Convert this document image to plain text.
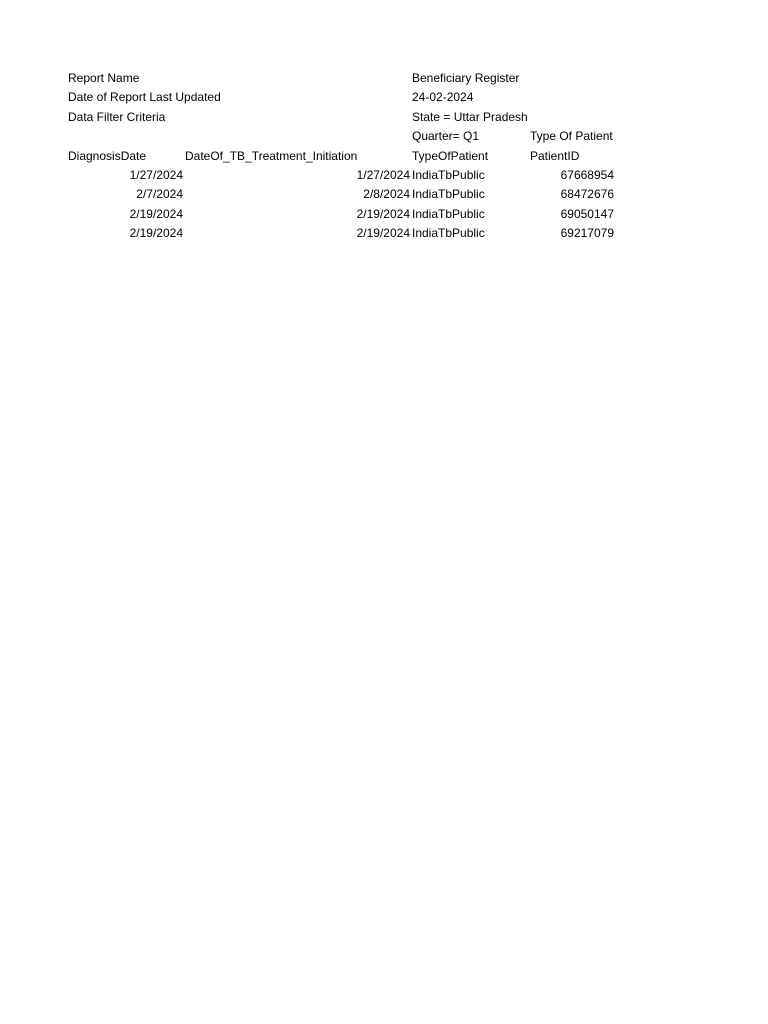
Report Name	Beneficiary Register
Date of Report Last Updated	24-02-2024
Data Filter Criteria	State = Uttar Pradesh
Quarter= Q1	Type Of Patient
DiagnosisDate	DateOf_TB_Treatment_Initiation	TypeOfPatient	PatientID
1/27/2024	1/27/2024 IndiaTbPublic	67668954
2/7/2024	2/8/2024 IndiaTbPublic	68472676
2/19/2024	2/19/2024 IndiaTbPublic	69050147
2/19/2024	2/19/2024 IndiaTbPublic	69217079
